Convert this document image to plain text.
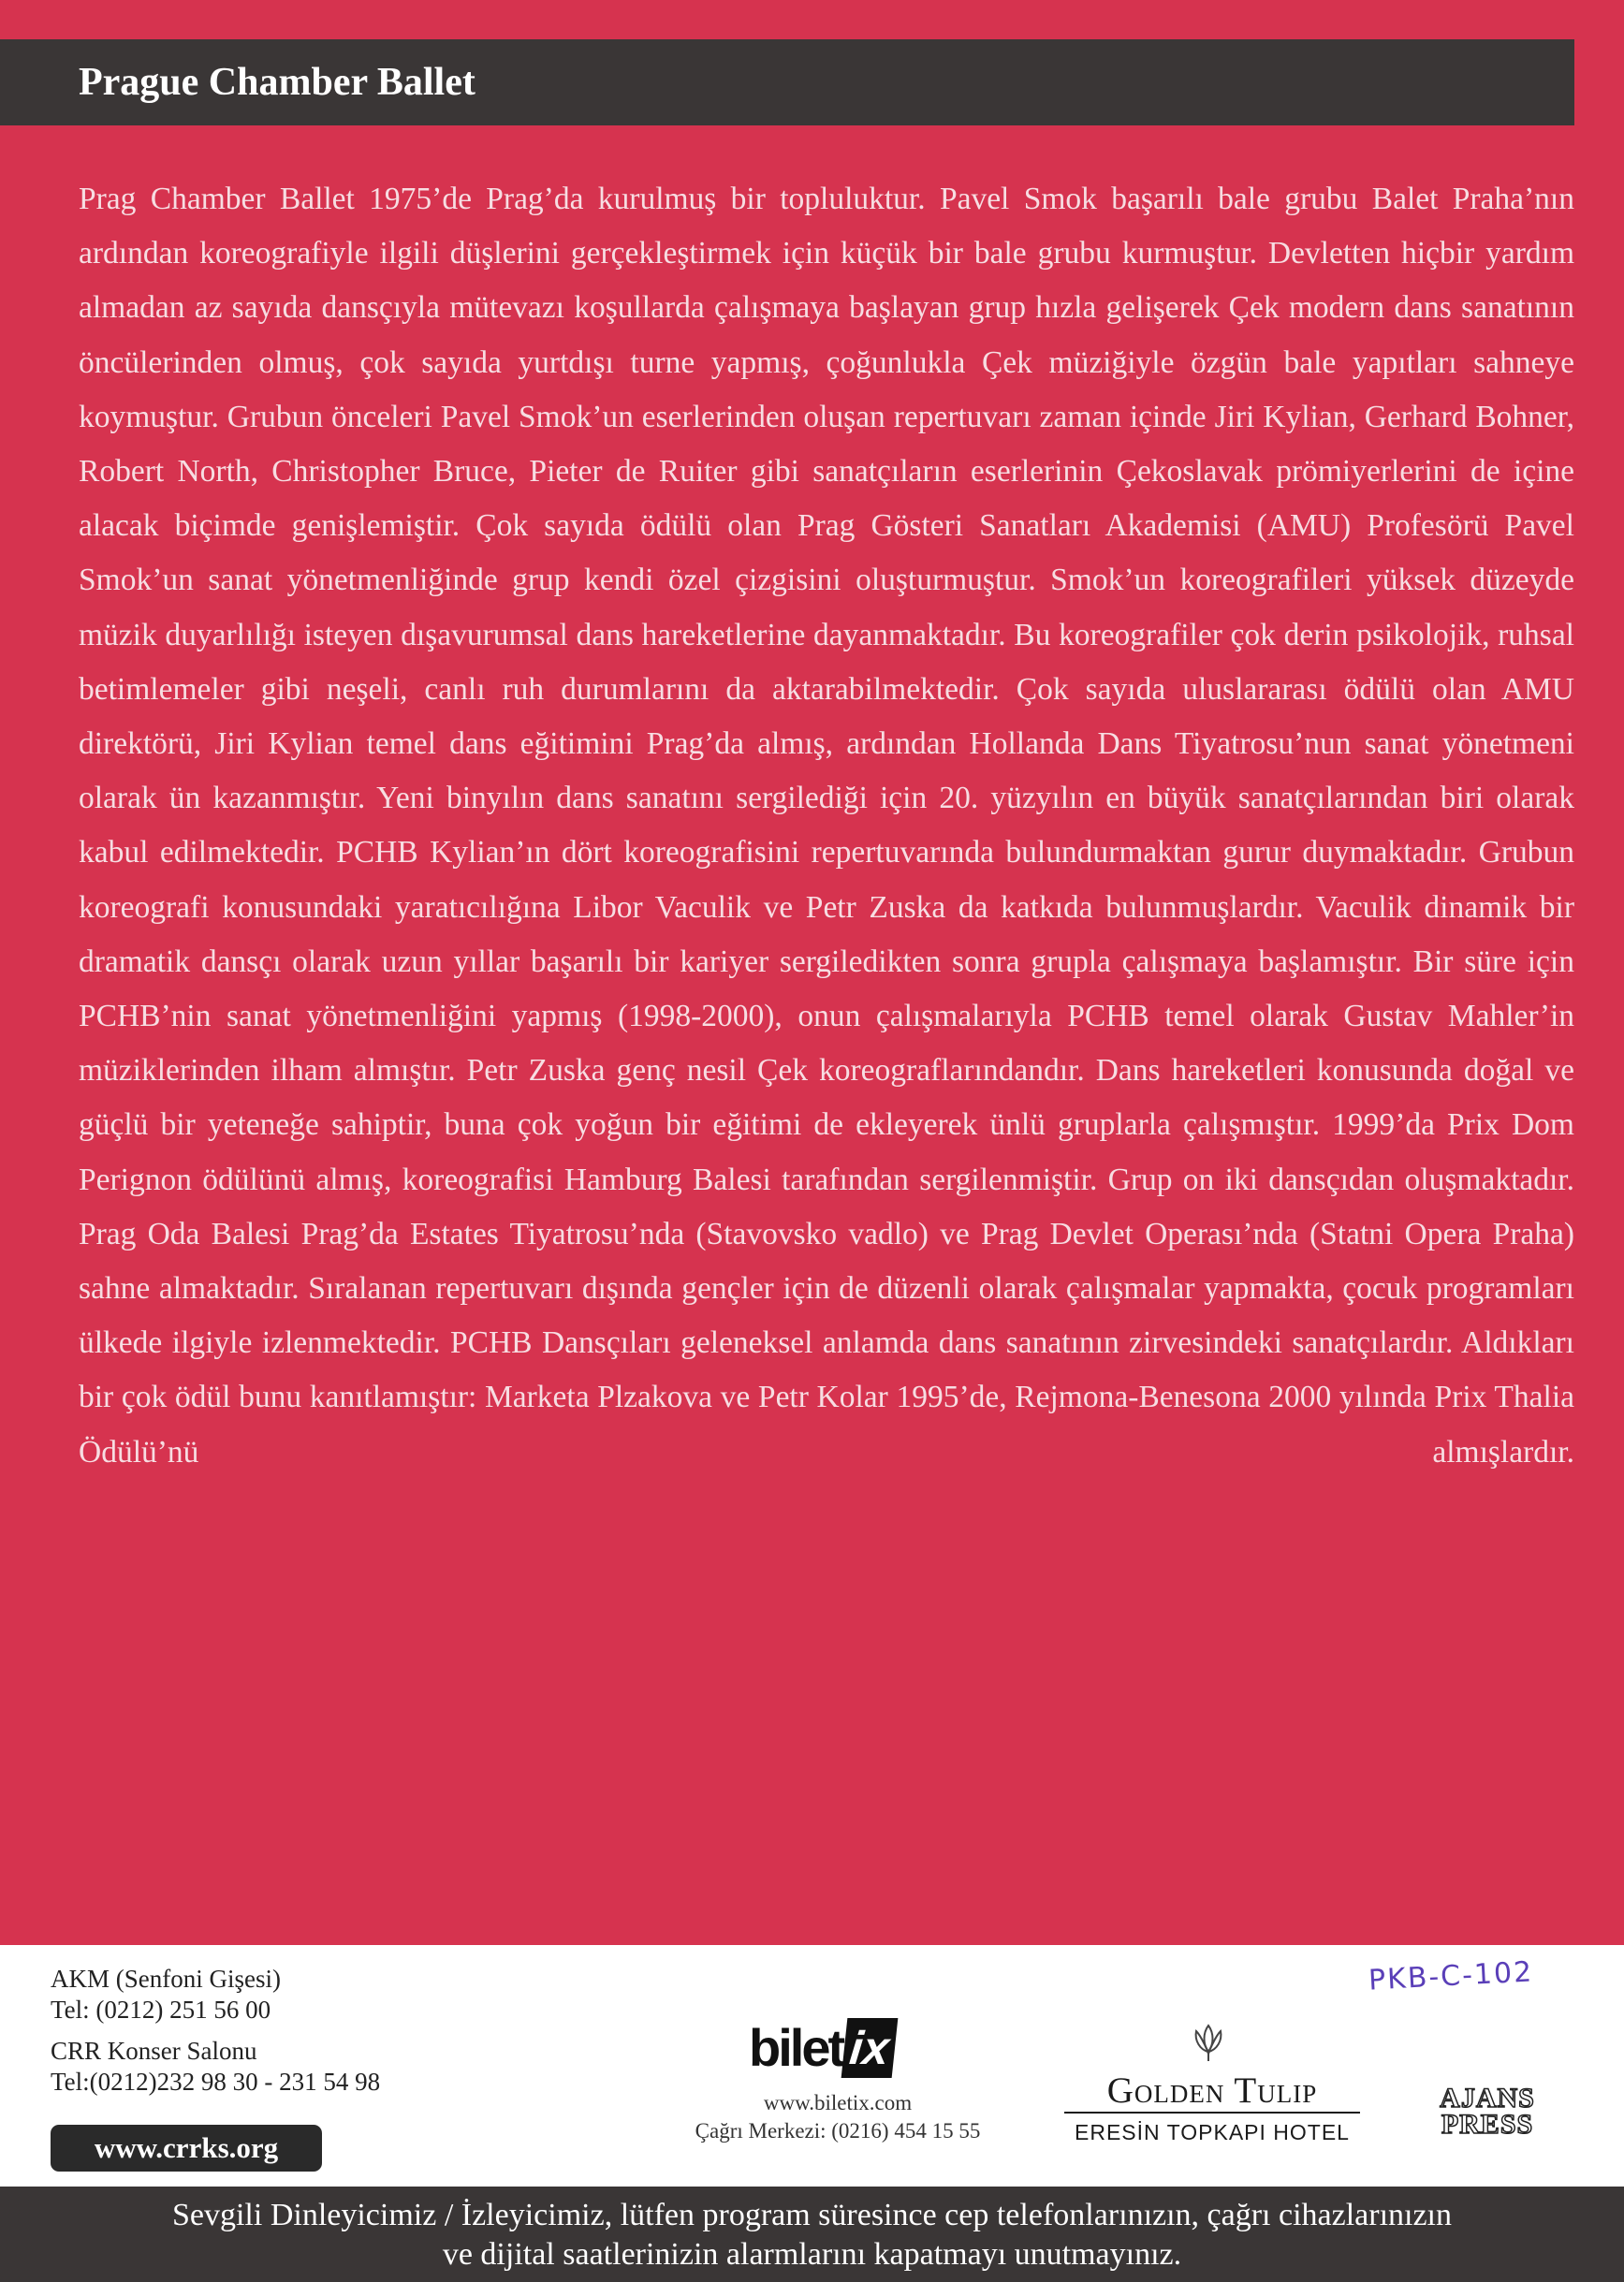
Prague Chamber Ballet

Prag Chamber Ballet 1975’de Prag’da kurulmuş bir topluluktur. Pavel Smok başarılı bale grubu Balet Praha’nın ardından koreografiyle ilgili düşlerini gerçekleştirmek için küçük bir bale grubu kurmuştur. Devletten hiçbir yardım almadan az sayıda dansçıyla mütevazı koşullarda çalışmaya başlayan grup hızla gelişerek Çek modern dans sanatının öncülerinden olmuş, çok sayıda yurtdışı turne yapmış, çoğunlukla Çek müziğiyle özgün bale yapıtları sahneye koymuştur. Grubun önceleri Pavel Smok’un eserlerinden oluşan repertuvarı zaman içinde Jiri Kylian, Gerhard Bohner, Robert North, Christopher Bruce, Pieter de Ruiter gibi sanatçıların eserlerinin Çekoslavak prömiyerlerini de içine alacak biçimde genişlemiştir. Çok sayıda ödülü olan Prag Gösteri Sanatları Akademisi (AMU) Profesörü Pavel Smok’un sanat yönetmenliğinde grup kendi özel çizgisini oluşturmuştur. Smok’un koreografileri yüksek düzeyde müzik duyarlılığı isteyen dışavurumsal dans hareketlerine dayanmaktadır. Bu koreografiler çok derin psikolojik, ruhsal betimlemeler gibi neşeli, canlı ruh durumlarını da aktarabilmektedir. Çok sayıda uluslararası ödülü olan AMU direktörü, Jiri Kylian temel dans eğitimini Prag’da almış, ardından Hollanda Dans Tiyatrosu’nun sanat yönetmeni olarak ün kazanmıştır. Yeni binyılın dans sanatını sergilediği için 20. yüzyılın en büyük sanatçılarından biri olarak kabul edilmektedir. PCHB Kylian’ın dört koreografisini repertuvarında bulundurmaktan gurur duymaktadır. Grubun koreografi konusundaki yaratıcılığına Libor Vaculik ve Petr Zuska da katkıda bulunmuşlardır. Vaculik dinamik bir dramatik dansçı olarak uzun yıllar başarılı bir kariyer sergiledikten sonra grupla çalışmaya başlamıştır. Bir süre için PCHB’nin sanat yönetmenliğini yapmış (1998-2000), onun çalışmalarıyla PCHB temel olarak Gustav Mahler’in müziklerinden ilham almıştır. Petr Zuska genç nesil Çek koreograflarındandır. Dans hareketleri konusunda doğal ve güçlü bir yeteneğe sahiptir, buna çok yoğun bir eğitimi de ekleyerek ünlü gruplarla çalışmıştır. 1999’da Prix Dom Perignon ödülünü almış, koreografisi Hamburg Balesi tarafından sergilenmiştir. Grup on iki dansçıdan oluşmaktadır. Prag Oda Balesi Prag’da Estates Tiyatrosu’nda (Stavovsko vadlo) ve Prag Devlet Operası’nda (Statni Opera Praha) sahne almaktadır. Sıralanan repertuvarı dışında gençler için de düzenli olarak çalışmalar yapmakta, çocuk programları ülkede ilgiyle izlenmektedir. PCHB Dansçıları geleneksel anlamda dans sanatının zirvesindeki sanatçılardır. Aldıkları bir çok ödül bunu kanıtlamıştır: Marketa Plzakova ve Petr Kolar 1995’de, Rejmona-Benesona 2000 yılında Prix Thalia Ödülü’nü almışlardır.

AKM (Senfoni Gişesi)
Tel: (0212) 251 56 00
CRR Konser Salonu
Tel:(0212)232 98 30 - 231 54 98
www.crrks.org
PKB-C-102
bilet ix
www.biletix.com
Çağrı Merkezi: (0216) 454 15 55
Golden Tulip
ERESİN TOPKAPI HOTEL
AJANS
PRESS
Sevgili Dinleyicimiz / İzleyicimiz, lütfen program süresince cep telefonlarınızın, çağrı cihazlarınızın
ve dijital saatlerinizin alarmlarını kapatmayı unutmayınız.
